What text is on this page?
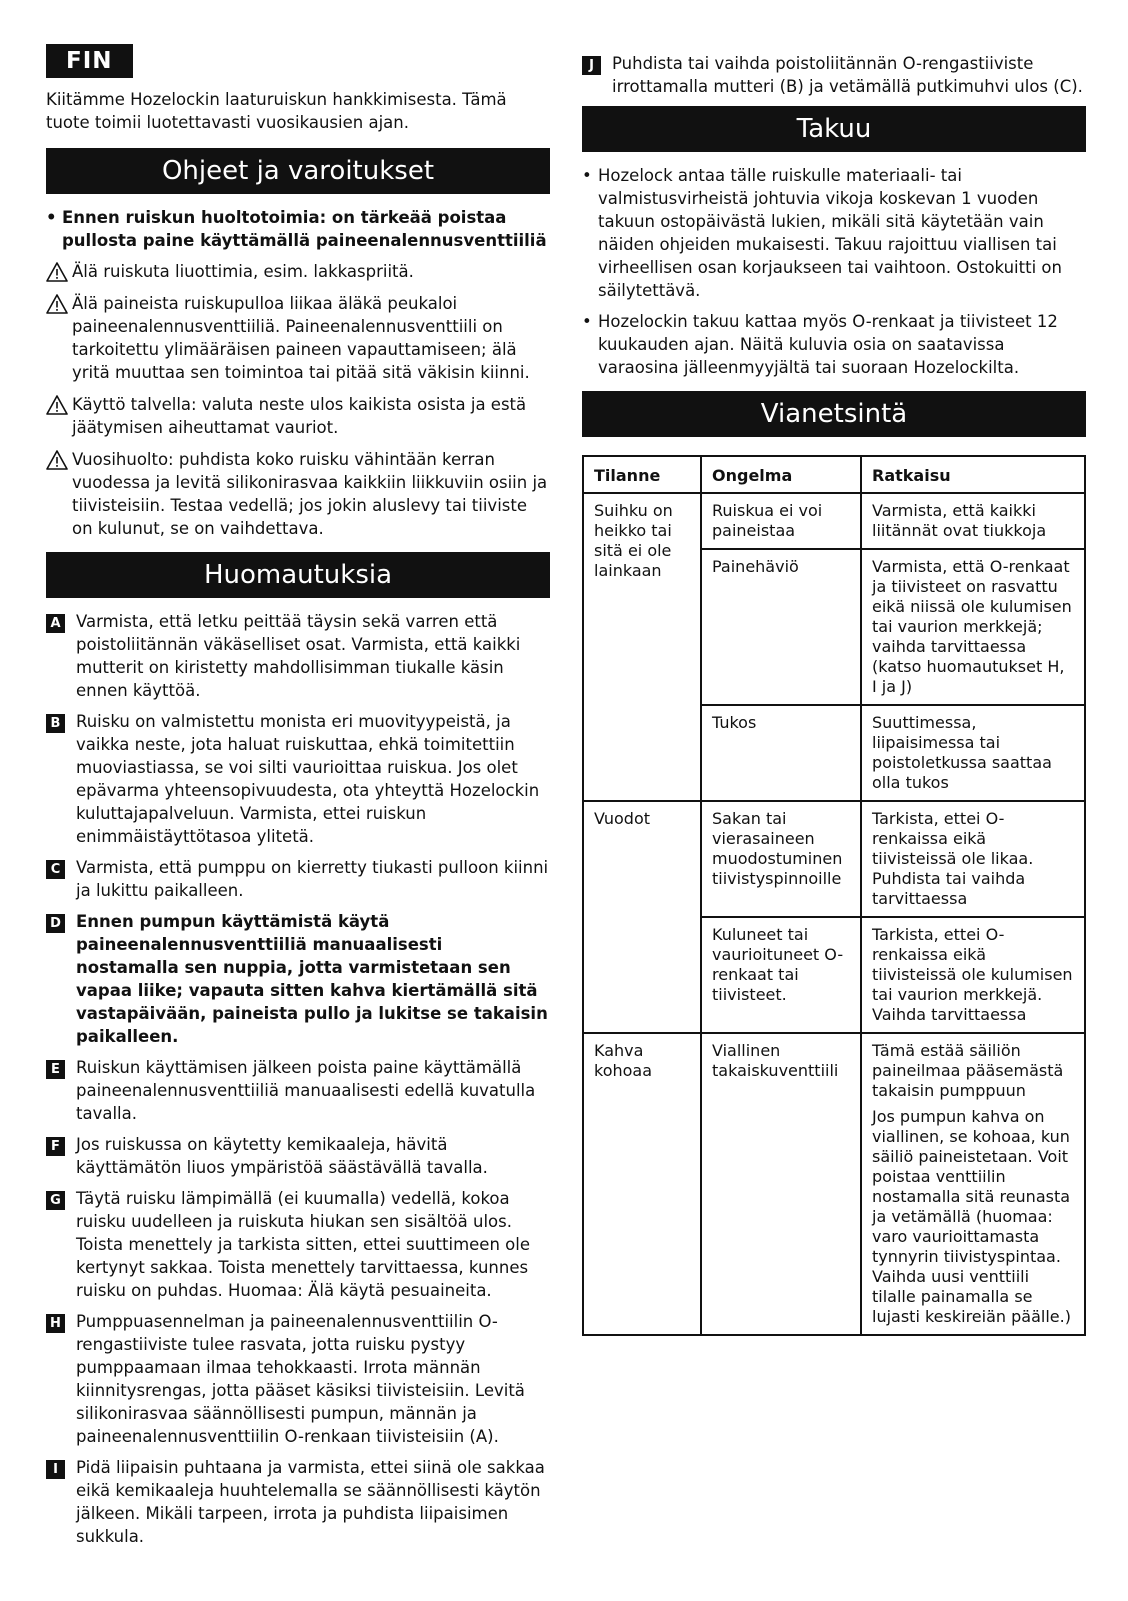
FIN
Kiitämme Hozelockin laaturuiskun hankkimisesta. Tämä tuote toimii luotettavasti vuosikausien ajan.
Ohjeet ja varoitukset
• Ennen ruiskun huoltotoimia: on tärkeää poistaa pullosta paine käyttämällä paineenalennusventtiiliä
Älä ruiskuta liuottimia, esim. lakkaspriitä.
Älä paineista ruiskupulloa liikaa äläkä peukaloi paineenalennusventtiiliä. Paineenalennusventtiili on tarkoitettu ylimääräisen paineen vapauttamiseen; älä yritä muuttaa sen toimintoa tai pitää sitä väkisin kiinni.
Käyttö talvella: valuta neste ulos kaikista osista ja estä jäätymisen aiheuttamat vauriot.
Vuosihuolto: puhdista koko ruisku vähintään kerran vuodessa ja levitä silikonirasvaa kaikkiin liikkuviin osiin ja tiivisteisiin. Testaa vedellä; jos jokin aluslevy tai tiiviste on kulunut, se on vaihdettava.
Huomautuksia
A Varmista, että letku peittää täysin sekä varren että poistoliitännän väkäselliset osat. Varmista, että kaikki mutterit on kiristetty mahdollisimman tiukalle käsin ennen käyttöä.
B Ruisku on valmistettu monista eri muovityypeistä, ja vaikka neste, jota haluat ruiskuttaa, ehkä toimitettiin muoviastiassa, se voi silti vaurioittaa ruiskua. Jos olet epävarma yhteensopivuudesta, ota yhteyttä Hozelockin kuluttajapalveluun. Varmista, ettei ruiskun enimmäistäyttötasoa ylitetä.
C Varmista, että pumppu on kierretty tiukasti pulloon kiinni ja lukittu paikalleen.
D Ennen pumpun käyttämistä käytä paineenalennusventtiiliä manuaalisesti nostamalla sen nuppia, jotta varmistetaan sen vapaa liike; vapauta sitten kahva kiertämällä sitä vastapäivään, paineista pullo ja lukitse se takaisin paikalleen.
E Ruiskun käyttämisen jälkeen poista paine käyttämällä paineenalennusventtiiliä manuaalisesti edellä kuvatulla tavalla.
F Jos ruiskussa on käytetty kemikaaleja, hävitä käyttämätön liuos ympäristöä säästävällä tavalla.
G Täytä ruisku lämpimällä (ei kuumalla) vedellä, kokoa ruisku uudelleen ja ruiskuta hiukan sen sisältöä ulos. Toista menettely ja tarkista sitten, ettei suuttimeen ole kertynyt sakkaa. Toista menettely tarvittaessa, kunnes ruisku on puhdas. Huomaa: Älä käytä pesuaineita.
H Pumppuasennelman ja paineenalennusventtiilin O-rengastiiviste tulee rasvata, jotta ruisku pystyy pumppaamaan ilmaa tehokkaasti. Irrota männän kiinnitysrengas, jotta pääset käsiksi tiivisteisiin. Levitä silikonirasvaa säännöllisesti pumpun, männän ja paineenalennusventtiilin O-renkaan tiivisteisiin (A).
I	Pidä liipaisin puhtaana ja varmista, ettei siinä ole sakkaa eikä kemikaaleja huuhtelemalla se säännöllisesti käytön jälkeen. Mikäli tarpeen, irrota ja puhdista liipaisimen sukkula.
J	Puhdista tai vaihda poistoliitännän O-rengastiiviste irrottamalla mutteri (B) ja vetämällä putkimuhvi ulos (C).
Takuu
• Hozelock antaa tälle ruiskulle materiaali- tai valmistusvirheistä johtuvia vikoja koskevan 1 vuoden takuun ostopäivästä lukien, mikäli sitä käytetään vain näiden ohjeiden mukaisesti. Takuu rajoittuu viallisen tai virheellisen osan korjaukseen tai vaihtoon. Ostokuitti on säilytettävä.
• Hozelockin takuu kattaa myös O-renkaat ja tiivisteet 12 kuukauden ajan. Näitä kuluvia osia on saatavissa varaosina jälleenmyyjältä tai suoraan Hozelockilta.
Vianetsintä
Tilanne	Ongelma	Ratkaisu
Suihku on heikko tai sitä ei ole lainkaan	Ruiskua ei voi paineistaa	Varmista, että kaikki liitännät ovat tiukkoja
	Painehäviö	Varmista, että O-renkaat ja tiivisteet on rasvattu eikä niissä ole kulumisen tai vaurion merkkejä; vaihda tarvittaessa (katso huomautukset H, I ja J)
	Tukos	Suuttimessa, liipaisimessa tai poistoletkussa saattaa olla tukos
Vuodot	Sakan tai vierasaineen muodostuminen tiivistyspinnoille	Tarkista, ettei O-renkaissa eikä tiivisteissä ole likaa. Puhdista tai vaihda tarvittaessa
	Kuluneet tai vaurioituneet O-renkaat tai tiivisteet.	Tarkista, ettei O-renkaissa eikä tiivisteissä ole kulumisen tai vaurion merkkejä. Vaihda tarvittaessa
Kahva kohoaa	Viallinen takaiskuventtiili	Tämä estää säiliön paineilmaa pääsemästä takaisin pumppuun
Jos pumpun kahva on viallinen, se kohoaa, kun säiliö paineistetaan. Voit poistaa venttiilin nostamalla sitä reunasta ja vetämällä (huomaa: varo vaurioittamasta tynnyrin tiivistyspintaa. Vaihda uusi venttiili tilalle painamalla se lujasti keskireiän päälle.)
